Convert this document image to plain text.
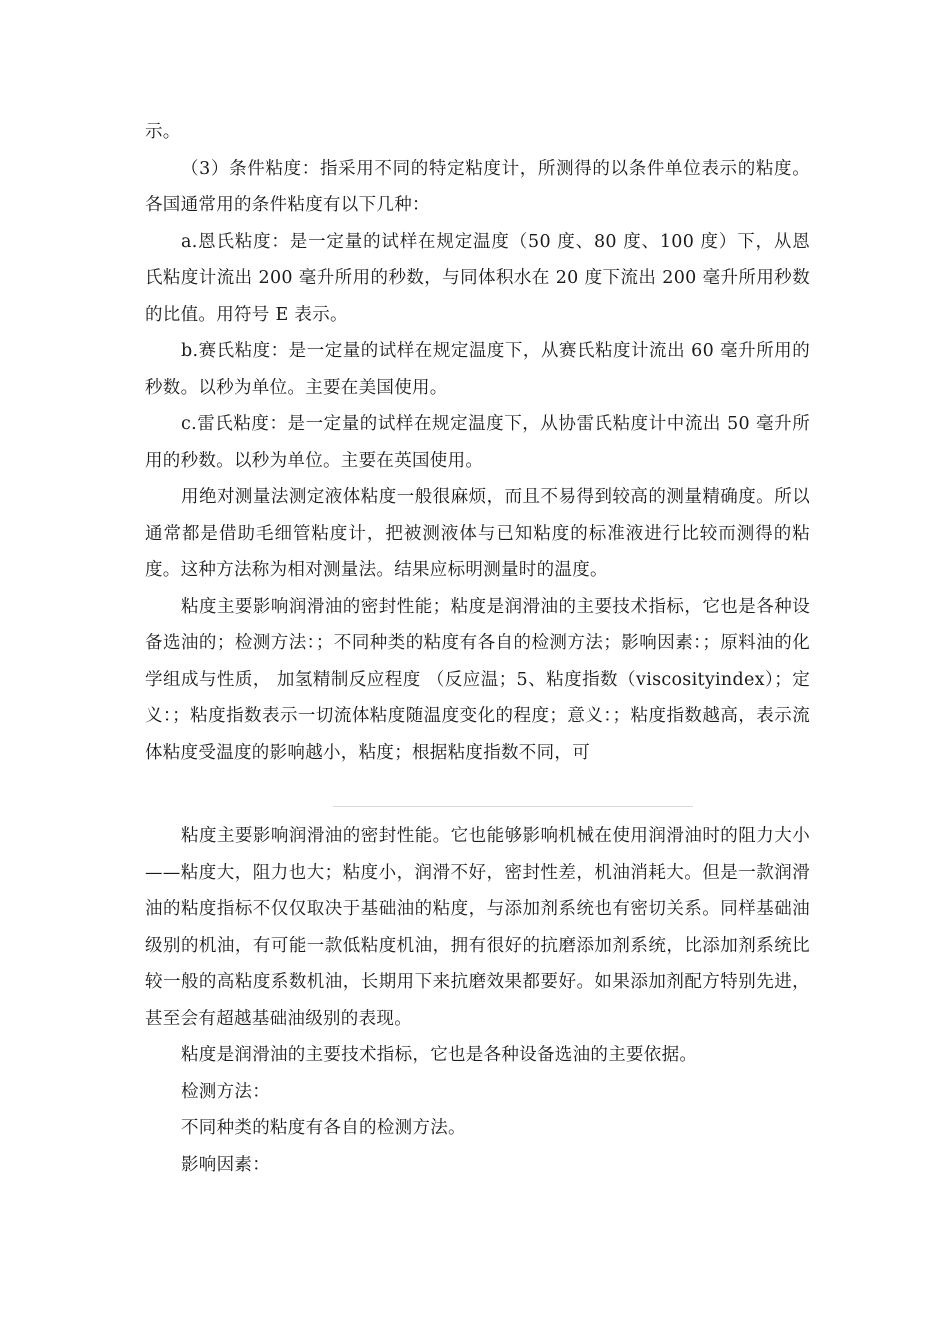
示。

（3）条件粘度：指采用不同的特定粘度计，所测得的以条件单位表示的粘度。各国通常用的条件粘度有以下几种：

a.恩氏粘度：是一定量的试样在规定温度（50 度、80 度、100 度）下，从恩氏粘度计流出 200 毫升所用的秒数，与同体积水在 20 度下流出 200 毫升所用秒数的比值。用符号 E 表示。

b.赛氏粘度：是一定量的试样在规定温度下，从赛氏粘度计流出 60 毫升所用的秒数。以秒为单位。主要在美国使用。

c.雷氏粘度：是一定量的试样在规定温度下，从协雷氏粘度计中流出 50 毫升所用的秒数。以秒为单位。主要在英国使用。

用绝对测量法测定液体粘度一般很麻烦，而且不易得到较高的测量精确度。所以通常都是借助毛细管粘度计，把被测液体与已知粘度的标准液进行比较而测得的粘度。这种方法称为相对测量法。结果应标明测量时的温度。

粘度主要影响润滑油的密封性能；粘度是润滑油的主要技术指标，它也是各种设备选油的；检测方法：；不同种类的粘度有各自的检测方法；影响因素：；原料油的化学组成与性质， 加氢精制反应程度 （反应温；5、粘度指数（viscosityindex）；定义：；粘度指数表示一切流体粘度随温度变化的程度；意义：；粘度指数越高，表示流体粘度受温度的影响越小，粘度；根据粘度指数不同，可

粘度主要影响润滑油的密封性能。它也能够影响机械在使用润滑油时的阻力大小——粘度大，阻力也大；粘度小，润滑不好，密封性差，机油消耗大。但是一款润滑油的粘度指标不仅仅取决于基础油的粘度，与添加剂系统也有密切关系。同样基础油级别的机油，有可能一款低粘度机油，拥有很好的抗磨添加剂系统，比添加剂系统比较一般的高粘度系数机油，长期用下来抗磨效果都要好。如果添加剂配方特别先进，甚至会有超越基础油级别的表现。

粘度是润滑油的主要技术指标，它也是各种设备选油的主要依据。

检测方法：

不同种类的粘度有各自的检测方法。

影响因素：
